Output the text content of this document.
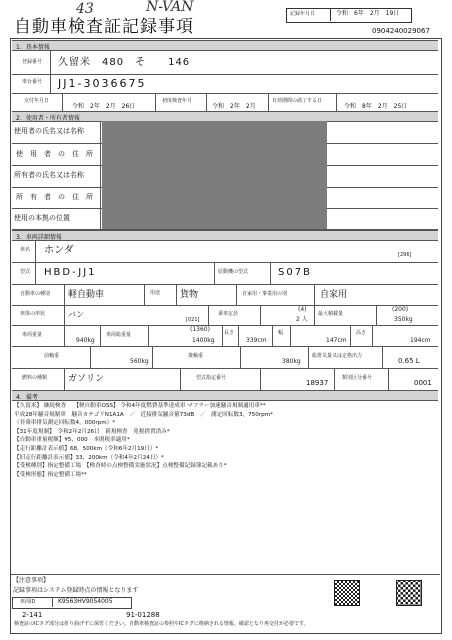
43	N-VAN
自動車検査証記録事項
記録年月日	令和　6年　2月　19日
0904240029067
1．基本情報
登録番号 久留米　480　そ　　146
車台番号 JJ1-3036675
交付年月日
令和　2年　2月　26日
初度検査年月
令和　2年　2月
有効期間の満了する日
令和　8年　2月　25日
2．使用者・所有者情報
使用者の氏名又は名称
使　用　者　の　住　所
所有者の氏名又は名称
所　有　者　の　住　所
使用の本拠の位置
3．車両詳細情報
車名 ホンダ	[296]
型式 HBD-JJ1	原動機の型式	S07B
自動車の種別 軽自動車	用途 貨物	自家用・事業用の別	自家用
車体の形状	バン
[021]
乗車定員
(4)
2 人
最大積載量
(200)
350kg
車両重量
940kg
車両総重量
(1360)
1400kg
長さ
339cm
幅
147cm
高さ
194cm
前軸重
560kg
後軸重
380kg
総排気量又は定格出力
0.65 L
燃料の種類 ガソリン	型式指定番号
18937
類別区分番号
0001
4．備考
【久留米】 継続検査　 【軽自動車OSS】 令和4年度燃費基準達成車 マフラー加速騒音規制適用車**
平成28年騒音規制車　騒音カテゴリN1A1A　／　近接排気騒音値73dB　／　測定回転数3，750rpm*
（非乗車排気測定回転数4，000rpm）*
【31年度規制】　令和2年2月26日　新規検査　免税措置済み*
【自動車重量税額】¥5，000　本則税率適用*
【走行距離計表示値】68，500km（令和6年2月19日）*
【旧走行距離計表示値】33，200km（令和4年2月24日）*
【受検種別】指定整備工場　【検査時の点検整備実施状況】点検整備記録簿記載あり*
【受検形態】指定整備工場**
【注意事項】
記録事項はシステム登録時点の情報となります
車両ID	K9563HV9054005
2-141	91-01288
検査証のICタグ部分は折り曲げずに保管ください。自動車検査証の参照やICタグに格納される情報、確認となり再交付が必要です。
